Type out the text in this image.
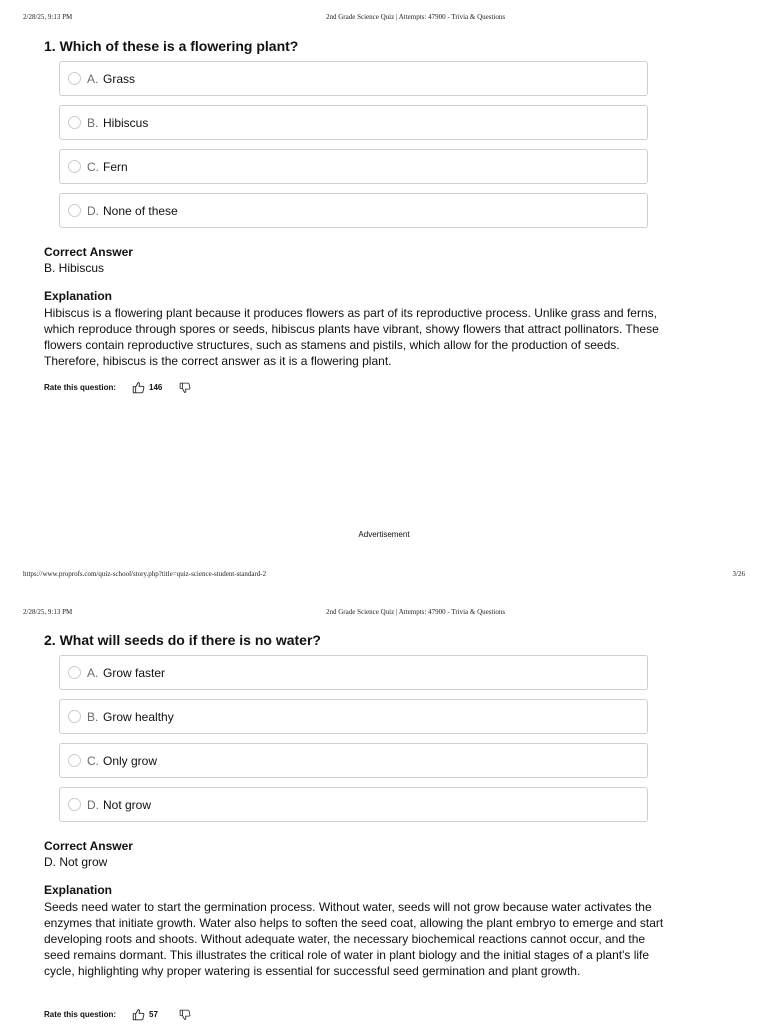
2/28/25, 9:13 PM	2nd Grade Science Quiz | Attempts: 47900 - Trivia & Questions
1. Which of these is a flowering plant?
A. Grass
B. Hibiscus
C. Fern
D. None of these
Correct Answer
B. Hibiscus
Explanation
Hibiscus is a flowering plant because it produces flowers as part of its reproductive process. Unlike grass and ferns, which reproduce through spores or seeds, hibiscus plants have vibrant, showy flowers that attract pollinators. These flowers contain reproductive structures, such as stamens and pistils, which allow for the production of seeds. Therefore, hibiscus is the correct answer as it is a flowering plant.
Rate this question:	146
Advertisement
https://www.proprofs.com/quiz-school/story.php?title=quiz-science-student-standard-2	3/26
2/28/25, 9:13 PM	2nd Grade Science Quiz | Attempts: 47900 - Trivia & Questions
2. What will seeds do if there is no water?
A. Grow faster
B. Grow healthy
C. Only grow
D. Not grow
Correct Answer
D. Not grow
Explanation
Seeds need water to start the germination process. Without water, seeds will not grow because water activates the enzymes that initiate growth. Water also helps to soften the seed coat, allowing the plant embryo to emerge and start developing roots and shoots. Without adequate water, the necessary biochemical reactions cannot occur, and the seed remains dormant. This illustrates the critical role of water in plant biology and the initial stages of a plant's life cycle, highlighting why proper watering is essential for successful seed germination and plant growth.
Rate this question:	57
